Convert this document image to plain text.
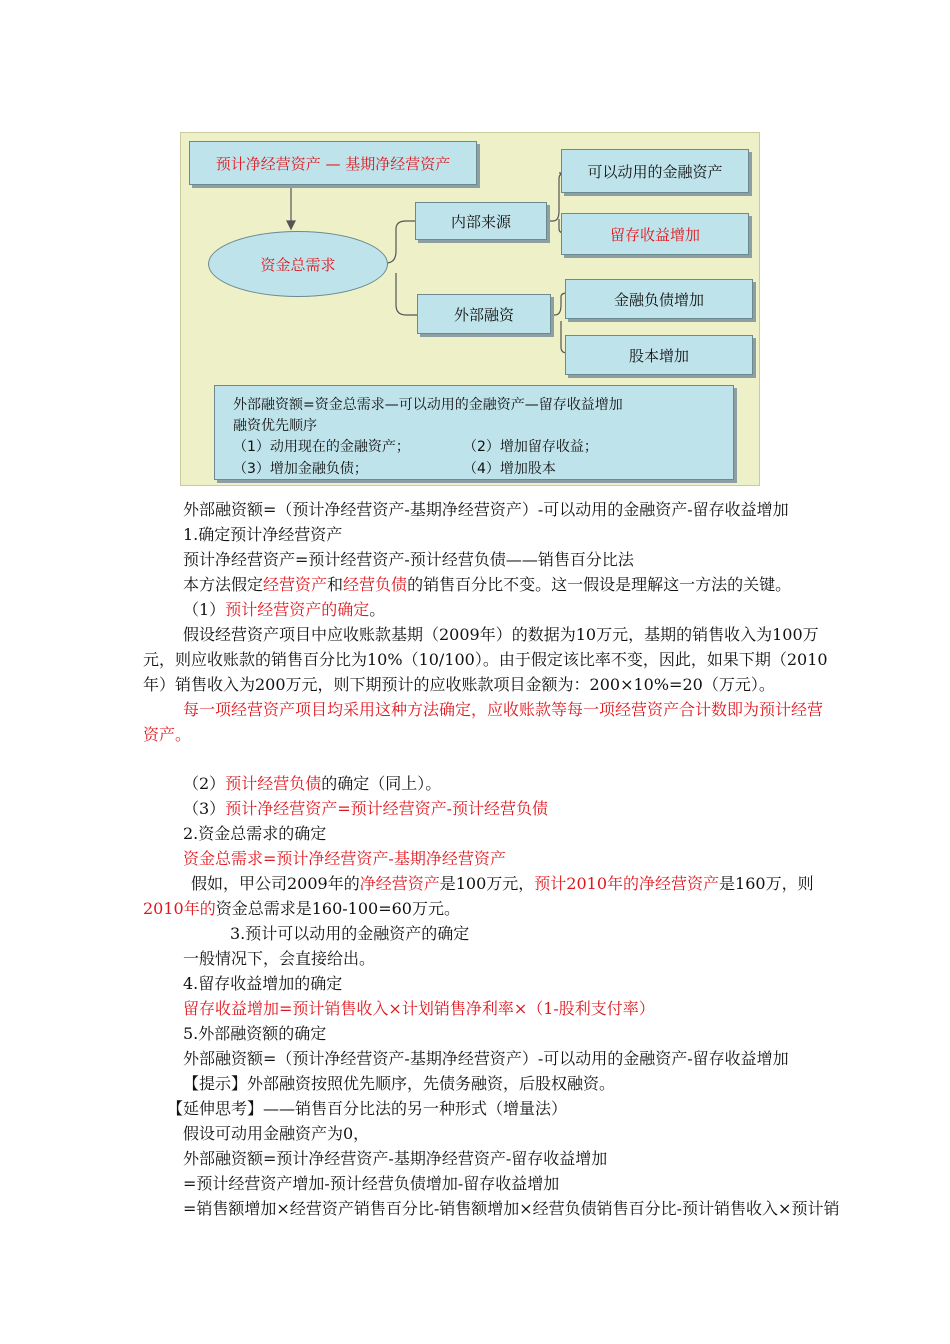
预计净经营资产 — 基期净经营资产
资金总需求
内部来源
外部融资
可以动用的金融资产
留存收益增加
金融负债增加
股本增加
外部融资额=资金总需求—可以动用的金融资产—留存收益增加
融资优先顺序
（1）动用现在的金融资产；	（2）增加留存收益；
（3）增加金融负债；	（4）增加股本
外部融资额=（预计净经营资产-基期净经营资产）-可以动用的金融资产-留存收益增加
1.确定预计净经营资产
预计净经营资产=预计经营资产-预计经营负债——销售百分比法
本方法假定经营资产和经营负债的销售百分比不变。这一假设是理解这一方法的关键。
（1）预计经营资产的确定。
假设经营资产项目中应收账款基期（2009年）的数据为10万元，基期的销售收入为100万
元，则应收账款的销售百分比为10%（10/100）。由于假定该比率不变，因此，如果下期（2010
年）销售收入为200万元，则下期预计的应收账款项目金额为：200×10%=20（万元）。
每一项经营资产项目均采用这种方法确定，应收账款等每一项经营资产合计数即为预计经营
资产。
（2）预计经营负债的确定（同上）。
（3）预计净经营资产=预计经营资产-预计经营负债
2.资金总需求的确定
资金总需求=预计净经营资产-基期净经营资产
假如，甲公司2009年的净经营资产是100万元，预计2010年的净经营资产是160万，则
2010年的资金总需求是160-100=60万元。
3.预计可以动用的金融资产的确定
一般情况下，会直接给出。
4.留存收益增加的确定
留存收益增加=预计销售收入×计划销售净利率×（1-股利支付率）
5.外部融资额的确定
外部融资额=（预计净经营资产-基期净经营资产）-可以动用的金融资产-留存收益增加
【提示】外部融资按照优先顺序，先债务融资，后股权融资。
【延伸思考】——销售百分比法的另一种形式（增量法）
假设可动用金融资产为0，
外部融资额=预计净经营资产-基期净经营资产-留存收益增加
=预计经营资产增加-预计经营负债增加-留存收益增加
=销售额增加×经营资产销售百分比-销售额增加×经营负债销售百分比-预计销售收入×预计销
